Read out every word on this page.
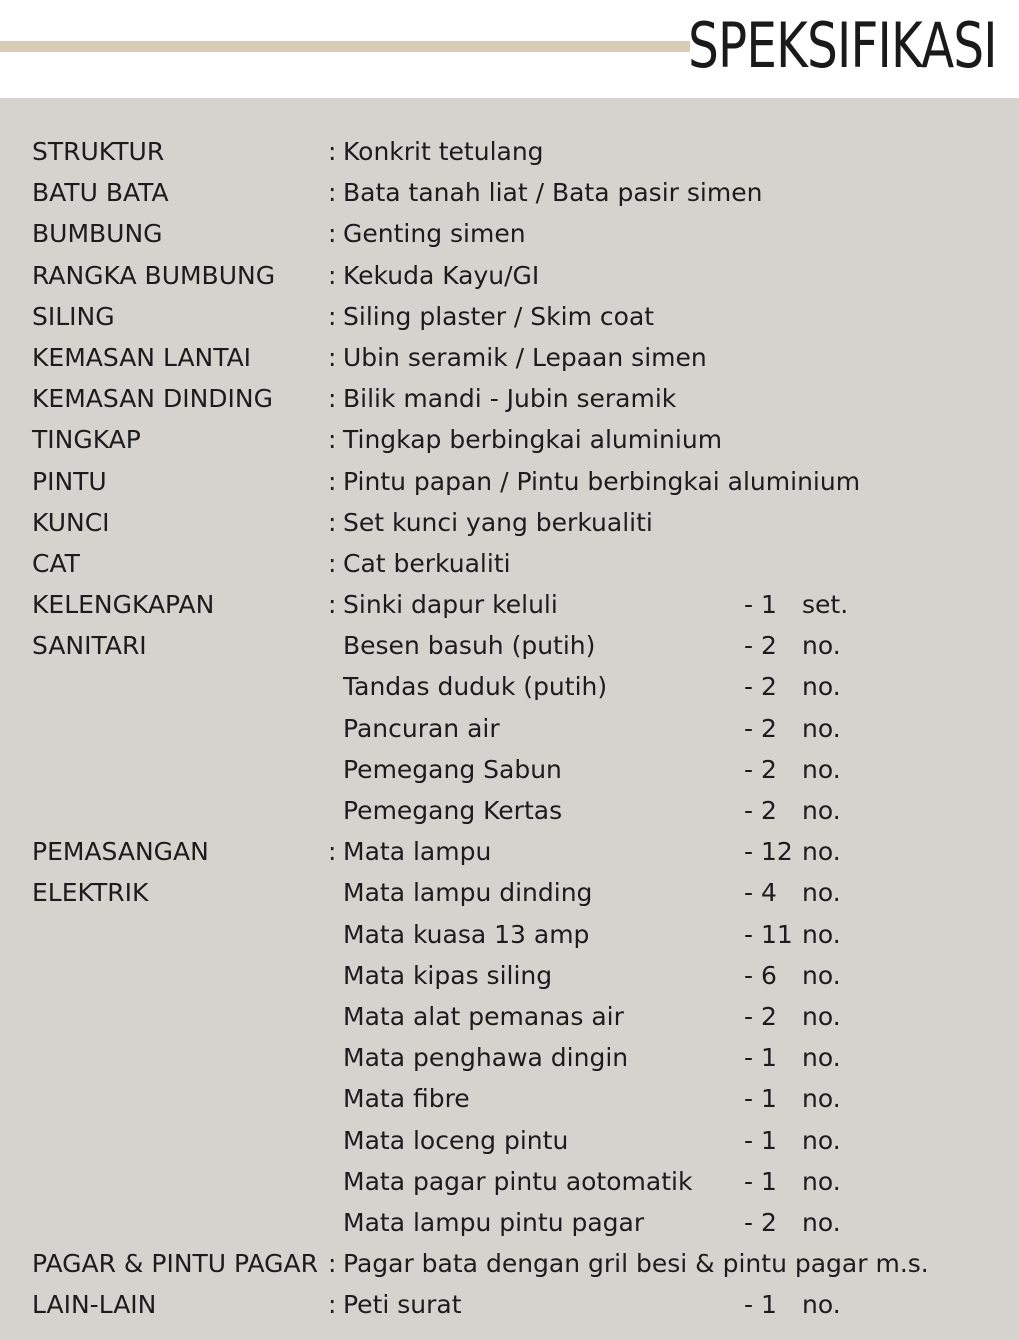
SPEKSIFIKASI
STRUKTUR	: Konkrit tetulang
BATU BATA	: Bata tanah liat / Bata pasir simen
BUMBUNG	: Genting simen
RANGKA BUMBUNG : Kekuda Kayu/GI
SILING	: Siling plaster / Skim coat
KEMASAN LANTAI	: Ubin seramik / Lepaan simen
KEMASAN DINDING : Bilik mandi - Jubin seramik
TINGKAP	: Tingkap berbingkai aluminium
PINTU	: Pintu papan / Pintu berbingkai aluminium
KUNCI	: Set kunci yang berkualiti
CAT	: Cat berkualiti
KELENGKAPAN	: Sinki dapur keluli	- 1 set.
SANITARI	Besen basuh (putih)	- 2 no.
Tandas duduk (putih)	- 2 no.
Pancuran air	- 2 no.
Pemegang Sabun	- 2 no.
Pemegang Kertas	- 2 no.
PEMASANGAN	: Mata lampu	- 12 no.
ELEKTRIK	Mata lampu dinding	- 4 no.
Mata kuasa 13 amp	- 11 no.
Mata kipas siling	- 6 no.
Mata alat pemanas air	- 2 no.
Mata penghawa dingin	- 1 no.
Mata fibre	- 1 no.
Mata loceng pintu	- 1 no.
Mata pagar pintu aotomatik - 1 no.
Mata lampu pintu pagar	- 2 no.
PAGAR & PINTU PAGAR : Pagar bata dengan gril besi & pintu pagar m.s.
LAIN-LAIN	: Peti surat	- 1 no.
